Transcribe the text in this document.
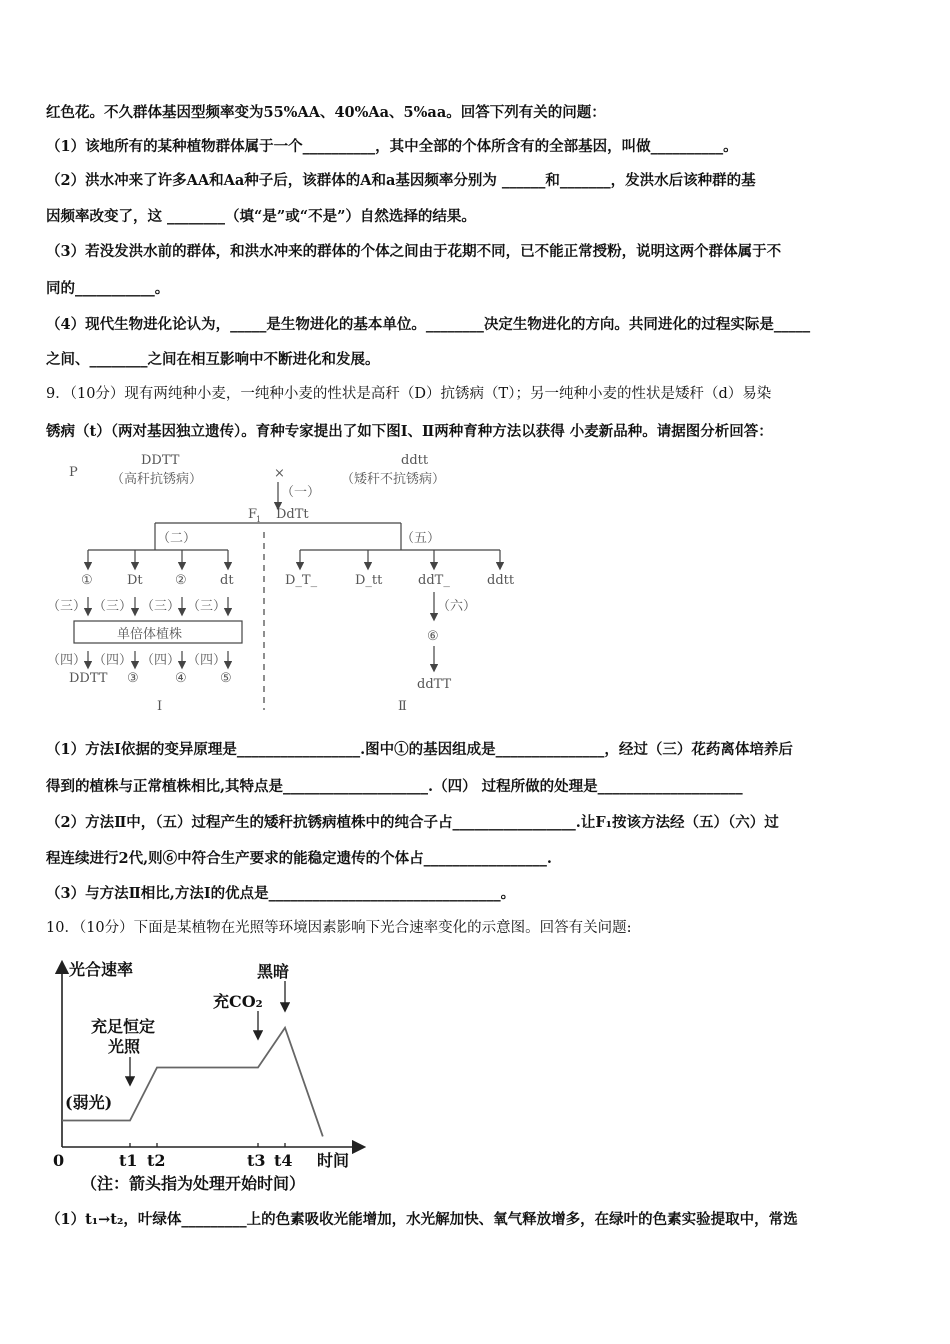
红色花。不久群体基因型频率变为55%AA、40%Aa、5%aa。回答下列有关的问题：
（1）该地所有的某种植物群体属于一个__________，其中全部的个体所含有的全部基因，叫做__________。
（2）洪水冲来了许多AA和Aa种子后，该群体的A和a基因频率分别为 ______和_______，发洪水后该种群的基
因频率改变了，这 ________（填“是”或“不是”）自然选择的结果。
（3）若没发洪水前的群体，和洪水冲来的群体的个体之间由于花期不同，已不能正常授粉，说明这两个群体属于不
同的___________。
（4）现代生物进化论认为，_____是生物进化的基本单位。________决定生物进化的方向。共同进化的过程实际是_____
之间、________之间在相互影响中不断进化和发展。
9．（10分）现有两纯种小麦，一纯种小麦的性状是高秆（D）抗锈病（T）；另一纯种小麦的性状是矮秆（d）易染
锈病（t）（两对基因独立遗传）。育种专家提出了如下图Ⅰ、Ⅱ两种育种方法以获得 小麦新品种。请据图分析回答：
P
DDTT
（高秆抗锈病）	×
ddtt
（矮秆不抗锈病）
（一）
F
1 DdTt
（二）	（五）
①	Dt ②	dt
（三） （三） （三） （三）
单倍体植株
（四） （四） （四） （四）
DDTT ③	④	⑤
Ⅰ
D_T_	D_tt	ddT_	ddtt
（六）
⑥
ddTT
Ⅱ
（1）方法Ⅰ依据的变异原理是_________________.图中①的基因组成是_______________，经过（三）花药离体培养后
得到的植株与正常植株相比,其特点是____________________.（四） 过程所做的处理是____________________
（2）方法Ⅱ中，（五）过程产生的矮秆抗锈病植株中的纯合子占_________________.让F₁按该方法经（五）（六）过
程连续进行2代,则⑥中符合生产要求的能稳定遗传的个体占_________________.
（3）与方法Ⅱ相比,方法Ⅰ的优点是________________________________。
10．（10分）下面是某植物在光照等环境因素影响下光合速率变化的示意图。回答有关问题:
光合速率
时间
0	t1 t2	t3 t4
(弱光)
充足恒定
光照
充CO₂
黑暗
（注：箭头指为处理开始时间）
（1）t₁→t₂，叶绿体_________上的色素吸收光能增加，水光解加快、氧气释放增多，在绿叶的色素实验提取中，常选
